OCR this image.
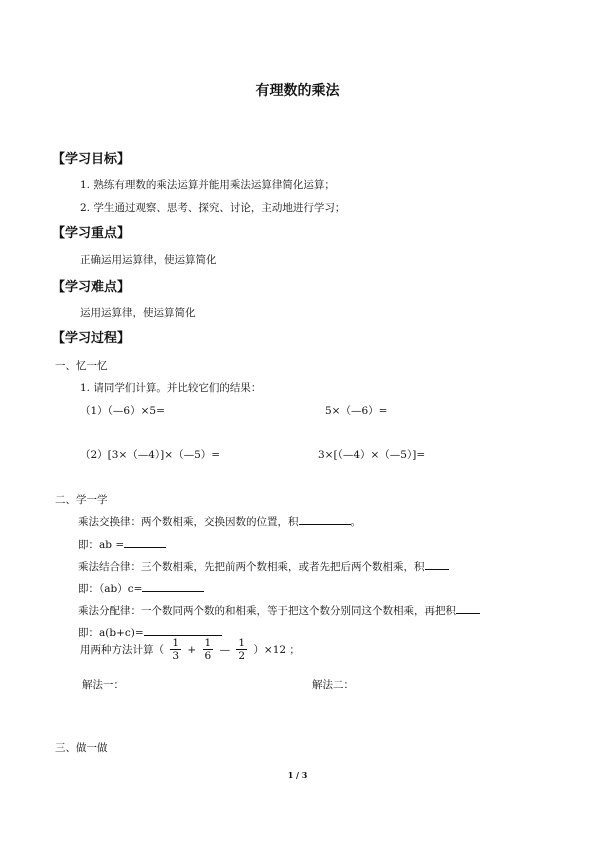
有理数的乘法
【学习目标】
1. 熟练有理数的乘法运算并能用乘法运算律简化运算；
2. 学生通过观察、思考、探究、讨论，主动地进行学习；
【学习重点】
正确运用运算律，使运算简化
【学习难点】
运用运算律，使运算简化
【学习过程】
一、忆一忆
1. 请同学们计算。并比较它们的结果：
（1）（—6）×5=	5×（—6）=
（2）[3×（—4）]×（—5）=	3×[（—4）×（—5）]=
二、学一学
乘法交换律：两个数相乘，交换因数的位置，积	。
即：ab =
乘法结合律：三个数相乘，先把前两个数相乘，或者先把后两个数相乘，积
即：（ab）c=
乘法分配律：一个数同两个数的和相乘，等于把这个数分别同这个数相乘，再把积
即：a(b+c)=
用两种方法计算（ $\frac{1}{3} + \frac{1}{6}$ — $\frac{1}{2} )\times 12$ ；
解法一：	解法二：
三、做一做
1 / 3
